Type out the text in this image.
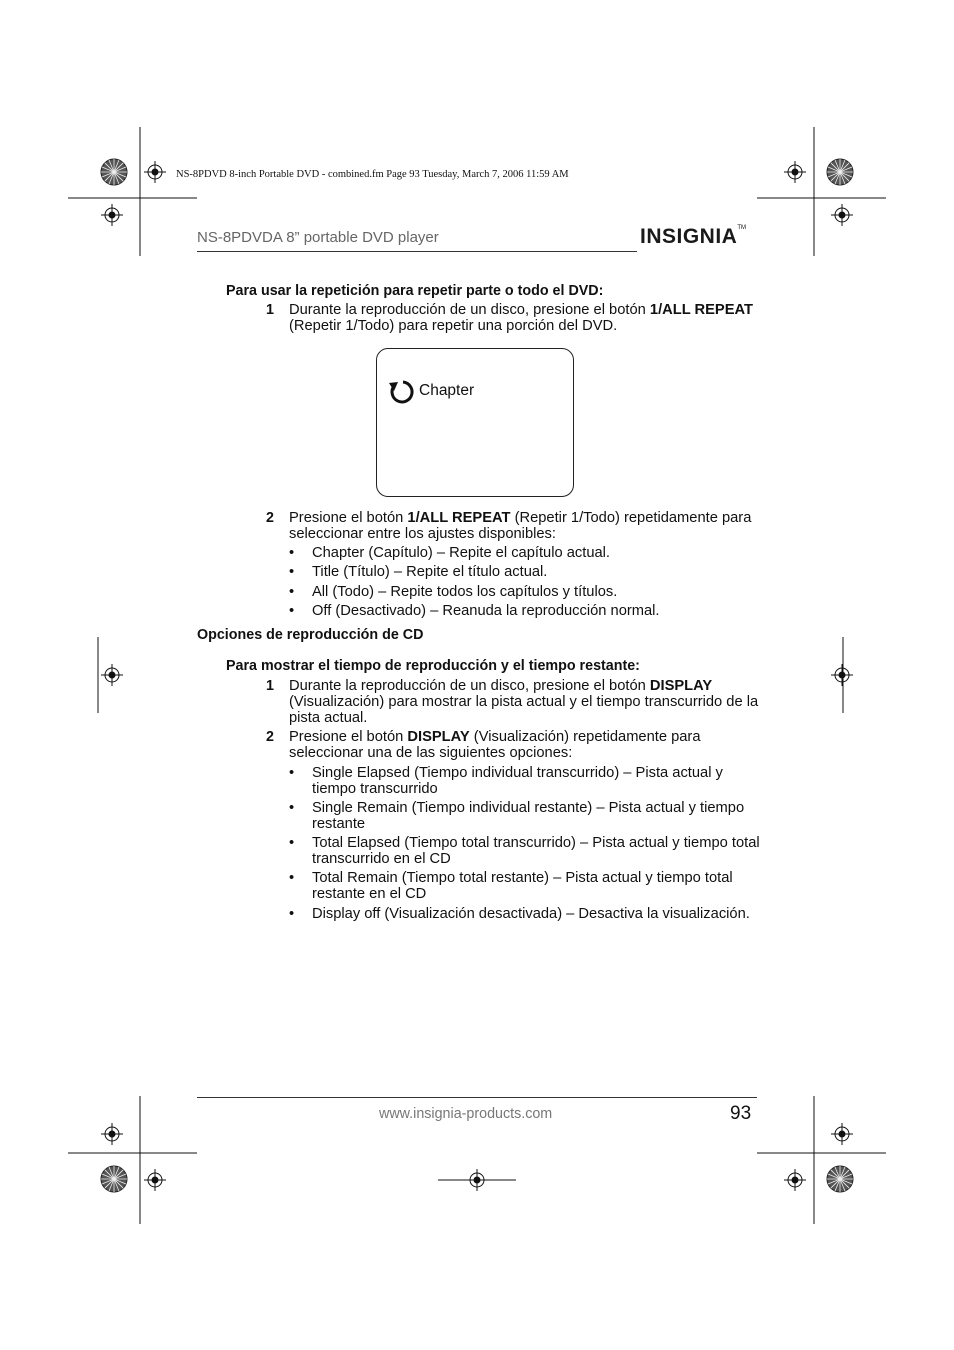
NS-8PDVD 8-inch Portable DVD - combined.fm Page 93 Tuesday, March 7, 2006 11:59 AM
NS-8PDVDA 8” portable DVD player	INSIGNIA™
Para usar la repetición para repetir parte o todo el DVD:
1 Durante la reproducción de un disco, presione el botón 1/ALL REPEAT (Repetir 1/Todo) para repetir una porción del DVD.
Chapter
2 Presione el botón 1/ALL REPEAT (Repetir 1/Todo) repetidamente para seleccionar entre los ajustes disponibles:
• Chapter (Capítulo) – Repite el capítulo actual.
• Title (Título) – Repite el título actual.
• All (Todo) – Repite todos los capítulos y títulos.
• Off (Desactivado) – Reanuda la reproducción normal.
Opciones de reproducción de CD
Para mostrar el tiempo de reproducción y el tiempo restante:
1 Durante la reproducción de un disco, presione el botón DISPLAY (Visualización) para mostrar la pista actual y el tiempo transcurrido de la pista actual.
2 Presione el botón DISPLAY (Visualización) repetidamente para seleccionar una de las siguientes opciones:
• Single Elapsed (Tiempo individual transcurrido) – Pista actual y tiempo transcurrido
• Single Remain (Tiempo individual restante) – Pista actual y tiempo restante
• Total Elapsed (Tiempo total transcurrido) – Pista actual y tiempo total transcurrido en el CD
• Total Remain (Tiempo total restante) – Pista actual y tiempo total restante en el CD
• Display off (Visualización desactivada) – Desactiva la visualización.
www.insignia-products.com	93
